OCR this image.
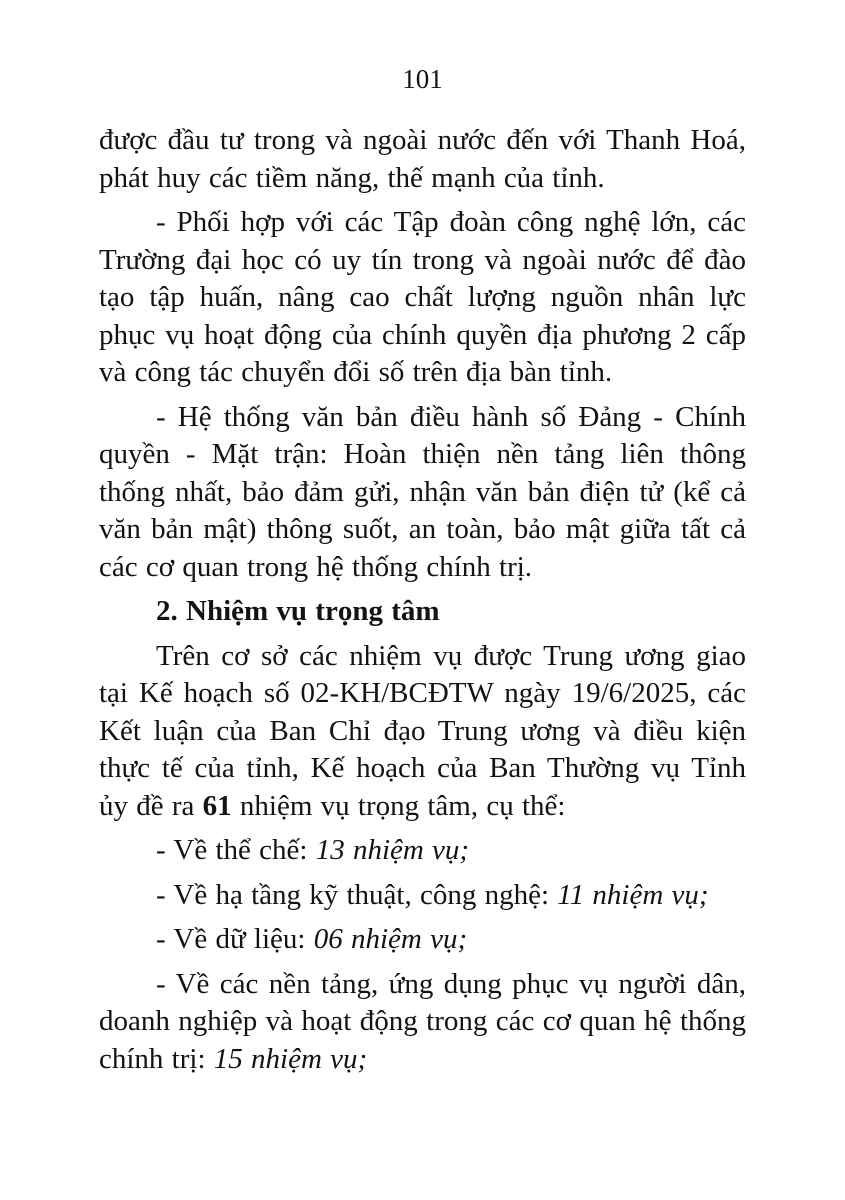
101

được đầu tư trong và ngoài nước đến với Thanh Hoá, phát huy các tiềm năng, thế mạnh của tỉnh.

- Phối hợp với các Tập đoàn công nghệ lớn, các Trường đại học có uy tín trong và ngoài nước để đào tạo tập huấn, nâng cao chất lượng nguồn nhân lực phục vụ hoạt động của chính quyền địa phương 2 cấp và công tác chuyển đổi số trên địa bàn tỉnh.

- Hệ thống văn bản điều hành số Đảng - Chính quyền - Mặt trận: Hoàn thiện nền tảng liên thông thống nhất, bảo đảm gửi, nhận văn bản điện tử (kể cả văn bản mật) thông suốt, an toàn, bảo mật giữa tất cả các cơ quan trong hệ thống chính trị.

2. Nhiệm vụ trọng tâm

Trên cơ sở các nhiệm vụ được Trung ương giao tại Kế hoạch số 02-KH/BCĐTW ngày 19/6/2025, các Kết luận của Ban Chỉ đạo Trung ương và điều kiện thực tế của tỉnh, Kế hoạch của Ban Thường vụ Tỉnh ủy đề ra 61 nhiệm vụ trọng tâm, cụ thể:

- Về thể chế: 13 nhiệm vụ;

- Về hạ tầng kỹ thuật, công nghệ: 11 nhiệm vụ;

- Về dữ liệu: 06 nhiệm vụ;

- Về các nền tảng, ứng dụng phục vụ người dân, doanh nghiệp và hoạt động trong các cơ quan hệ thống chính trị: 15 nhiệm vụ;
